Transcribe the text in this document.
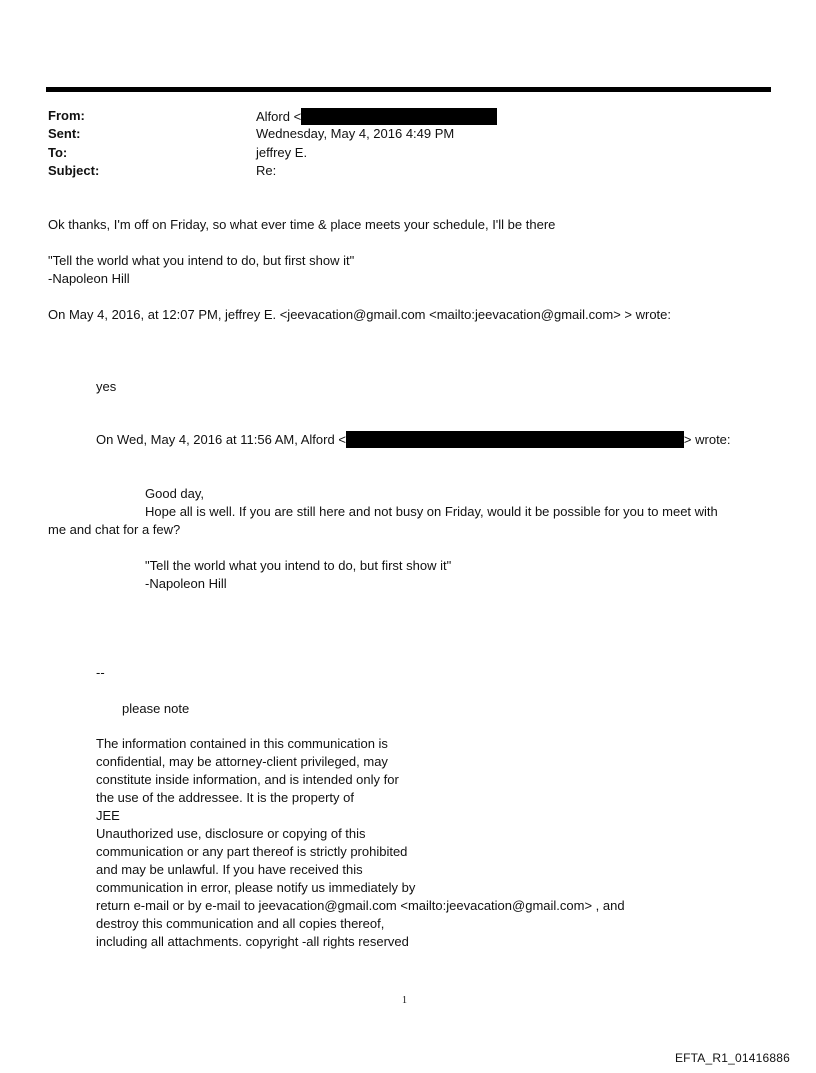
From:	Alford <
Sent:	Wednesday, May 4, 2016 4:49 PM
To:	jeffrey E.
Subject:	Re:
Ok thanks, I'm off on Friday, so what ever time & place meets your schedule, I'll be there
"Tell the world what you intend to do, but first show it"
-Napoleon Hill
On May 4, 2016, at 12:07 PM, jeffrey E. <jeevacation@gmail.com <mailto:jeevacation@gmail.com> > wrote:
yes
On Wed, May 4, 2016 at 11:56 AM, Alford <	> wrote:
Good day,
Hope all is well. If you are still here and not busy on Friday, would it be possible for you to meet with
me and chat for a few?
"Tell the world what you intend to do, but first show it"
-Napoleon Hill
--
please note
The information contained in this communication is
confidential, may be attorney-client privileged, may
constitute inside information, and is intended only for
the use of the addressee. It is the property of
JEE
Unauthorized use, disclosure or copying of this
communication or any part thereof is strictly prohibited
and may be unlawful. If you have received this
communication in error, please notify us immediately by
return e-mail or by e-mail to jeevacation@gmail.com <mailto:jeevacation@gmail.com> , and
destroy this communication and all copies thereof,
including all attachments. copyright -all rights reserved
1
EFTA_R1_01416886
